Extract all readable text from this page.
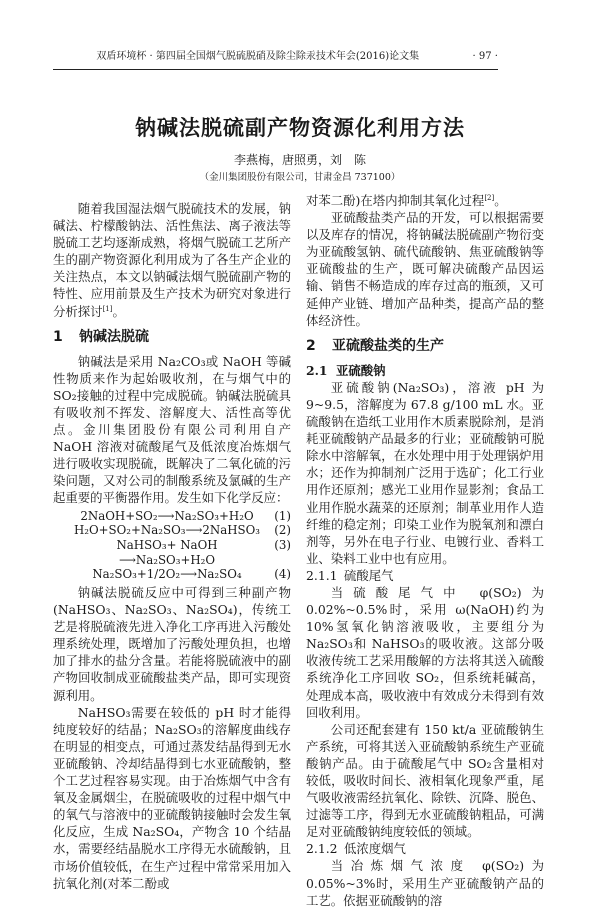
双盾环境杯 · 第四届全国烟气脱硫脱硝及除尘除汞技术年会(2016)论文集	· 97 ·
钠碱法脱硫副产物资源化利用方法
李燕梅，唐照勇，刘　陈
（金川集团股份有限公司，甘肃金昌 737100）

随着我国湿法烟气脱硫技术的发展，钠碱法、柠檬酸钠法、活性焦法、离子液法等脱硫工艺均逐渐成熟，将烟气脱硫工艺所产生的副产物资源化利用成为了各生产企业的关注热点，本文以钠碱法烟气脱硫副产物的特性、应用前景及生产技术为研究对象进行分析探讨[1]。

1 钠碱法脱硫

钠碱法是采用 Na₂CO₃或 NaOH 等碱性物质来作为起始吸收剂，在与烟气中的 SO₂接触的过程中完成脱硫。钠碱法脱硫具有吸收剂不挥发、溶解度大、活性高等优点。金川集团股份有限公司利用自产 NaOH 溶液对硫酸尾气及低浓度冶炼烟气进行吸收实现脱硫，既解决了二氧化硫的污染问题，又对公司的制酸系统及氯碱的生产起重要的平衡器作用。发生如下化学反应：

2NaOH+SO₂⟶Na₂SO₃+H₂O	(1)
H₂O+SO₂+Na₂SO₃⟶2NaHSO₃	(2)
NaHSO₃+ NaOH ⟶Na₂SO₃+H₂O
(3)
Na₂SO₃+1/2O₂⟶Na₂SO₄	(4)

钠碱法脱硫反应中可得到三种副产物(NaHSO₃、Na₂SO₃、Na₂SO₄)，传统工艺是将脱硫液先进入净化工序再进入污酸处理系统处理，既增加了污酸处理负担，也增加了排水的盐分含量。若能将脱硫液中的副产物回收制成亚硫酸盐类产品，即可实现资源利用。

NaHSO₃需要在较低的 pH 时才能得纯度较好的结晶；Na₂SO₃的溶解度曲线存在明显的相变点，可通过蒸发结晶得到无水亚硫酸钠、冷却结晶得到七水亚硫酸钠，整个工艺过程容易实现。由于冶炼烟气中含有氧及金属烟尘，在脱硫吸收的过程中烟气中的氧气与溶液中的亚硫酸钠接触时会发生氧化反应，生成 Na₂SO₄，产物含 10 个结晶水，需要经结晶脱水工序得无水硫酸钠，且市场价值较低，在生产过程中常常采用加入抗氧化剂(对苯二酚或

对苯二酚)在塔内抑制其氧化过程[2]。

亚硫酸盐类产品的开发，可以根据需要以及库存的情况，将钠碱法脱硫副产物衍变为亚硫酸氢钠、硫代硫酸钠、焦亚硫酸钠等亚硫酸盐的生产，既可解决硫酸产品因运输、销售不畅造成的库存过高的瓶颈，又可延伸产业链、增加产品种类，提高产品的整体经济性。

2 亚硫酸盐类的生产
2.1 亚硫酸钠

亚硫酸钠(Na₂SO₃)，溶液 pH 为 9~9.5，溶解度为 67.8 g/100 mL 水。亚硫酸钠在造纸工业用作木质素脱除剂，是消耗亚硫酸钠产品最多的行业；亚硫酸钠可脱除水中溶解氧，在水处理中用于处理锅炉用水；还作为抑制剂广泛用于选矿；化工行业用作还原剂；感光工业用作显影剂；食品工业用作脱水蔬菜的还原剂；制革业用作人造纤维的稳定剂；印染工业作为脱氧剂和漂白剂等，另外在电子行业、电镀行业、香料工业、染料工业中也有应用。

2.1.1 硫酸尾气

当硫酸尾气中 φ(SO₂)为 0.02%~0.5%时，采用 ω(NaOH)约为 10%氢氧化钠溶液吸收，主要组分为Na₂SO₃和 NaHSO₃的吸收液。这部分吸收液传统工艺采用酸解的方法将其送入硫酸系统净化工序回收 SO₂，但系统耗碱高，处理成本高，吸收液中有效成分未得到有效回收利用。

公司还配套建有 150 kt/a 亚硫酸钠生产系统，可将其送入亚硫酸钠系统生产亚硫酸钠产品。由于硫酸尾气中 SO₂含量相对较低，吸收时间长、液相氧化现象严重，尾气吸收液需经抗氧化、除铁、沉降、脱色、过滤等工序，得到无水亚硫酸钠粗品，可满足对亚硫酸钠纯度较低的领域。

2.1.2 低浓度烟气

当冶炼烟气浓度 φ(SO₂)为 0.05%~3%时，采用生产亚硫酸钠产品的工艺。依据亚硫酸钠的溶
